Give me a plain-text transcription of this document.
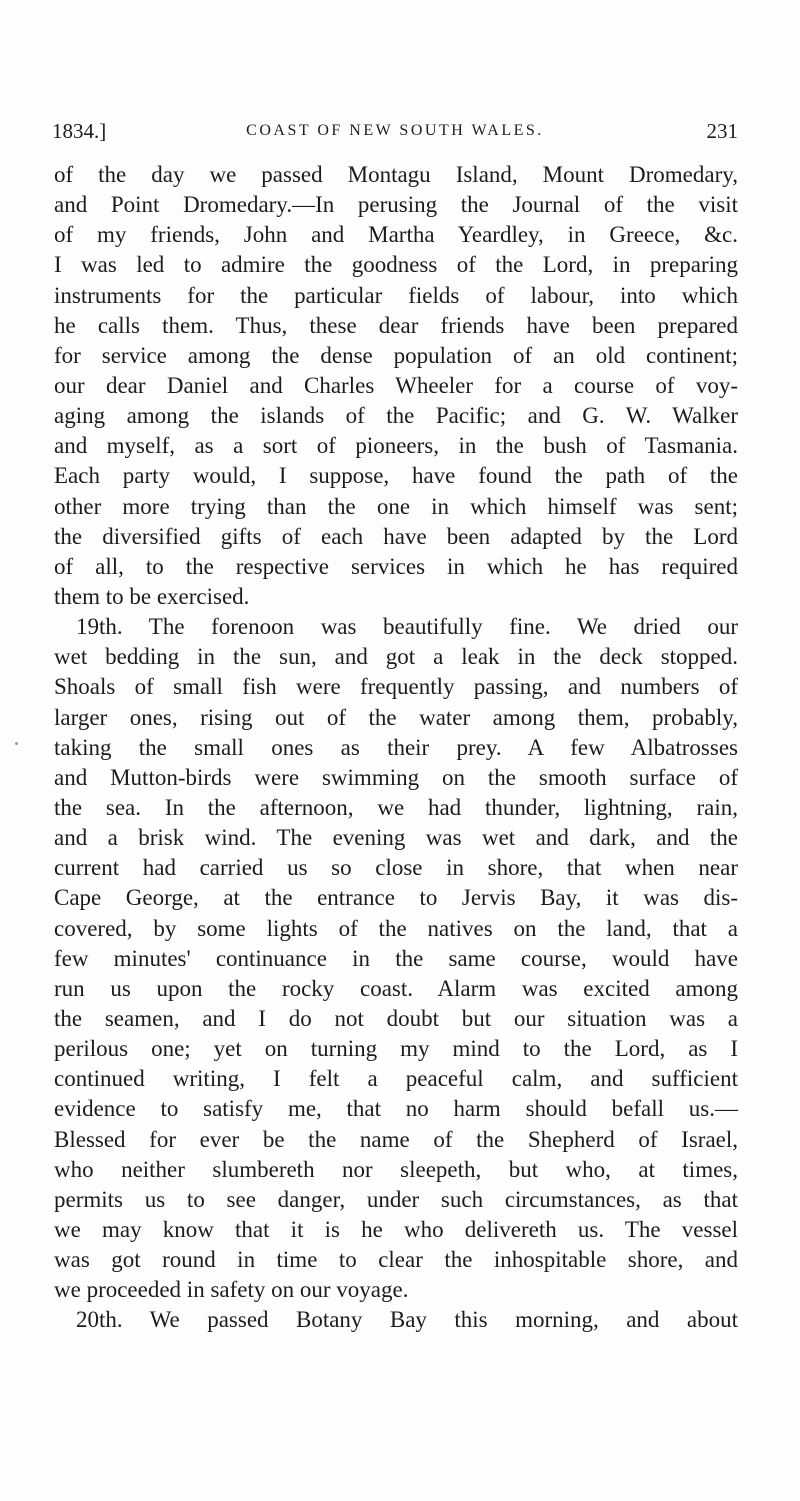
1834.]	COAST OF NEW SOUTH WALES.	231
of the day we passed Montagu Island, Mount Dromedary,
and Point Dromedary.—In perusing the Journal of the visit
of my friends, John and Martha Yeardley, in Greece, &c.
I was led to admire the goodness of the Lord, in preparing
instruments for the particular fields of labour, into which
he calls them. Thus, these dear friends have been prepared
for service among the dense population of an old continent;
our dear Daniel and Charles Wheeler for a course of voy-
aging among the islands of the Pacific; and G. W. Walker
and myself, as a sort of pioneers, in the bush of Tasmania.
Each party would, I suppose, have found the path of the
other more trying than the one in which himself was sent;
the diversified gifts of each have been adapted by the Lord
of all, to the respective services in which he has required
them to be exercised.
19th. The forenoon was beautifully fine. We dried our
wet bedding in the sun, and got a leak in the deck stopped.
Shoals of small fish were frequently passing, and numbers of
larger ones, rising out of the water among them, probably,
taking the small ones as their prey. A few Albatrosses
and Mutton-birds were swimming on the smooth surface of
the sea. In the afternoon, we had thunder, lightning, rain,
and a brisk wind. The evening was wet and dark, and the
current had carried us so close in shore, that when near
Cape George, at the entrance to Jervis Bay, it was dis-
covered, by some lights of the natives on the land, that a
few minutes' continuance in the same course, would have
run us upon the rocky coast. Alarm was excited among
the seamen, and I do not doubt but our situation was a
perilous one; yet on turning my mind to the Lord, as I
continued writing, I felt a peaceful calm, and sufficient
evidence to satisfy me, that no harm should befall us.—
Blessed for ever be the name of the Shepherd of Israel,
who neither slumbereth nor sleepeth, but who, at times,
permits us to see danger, under such circumstances, as that
we may know that it is he who delivereth us. The vessel
was got round in time to clear the inhospitable shore, and
we proceeded in safety on our voyage.
20th. We passed Botany Bay this morning, and about
